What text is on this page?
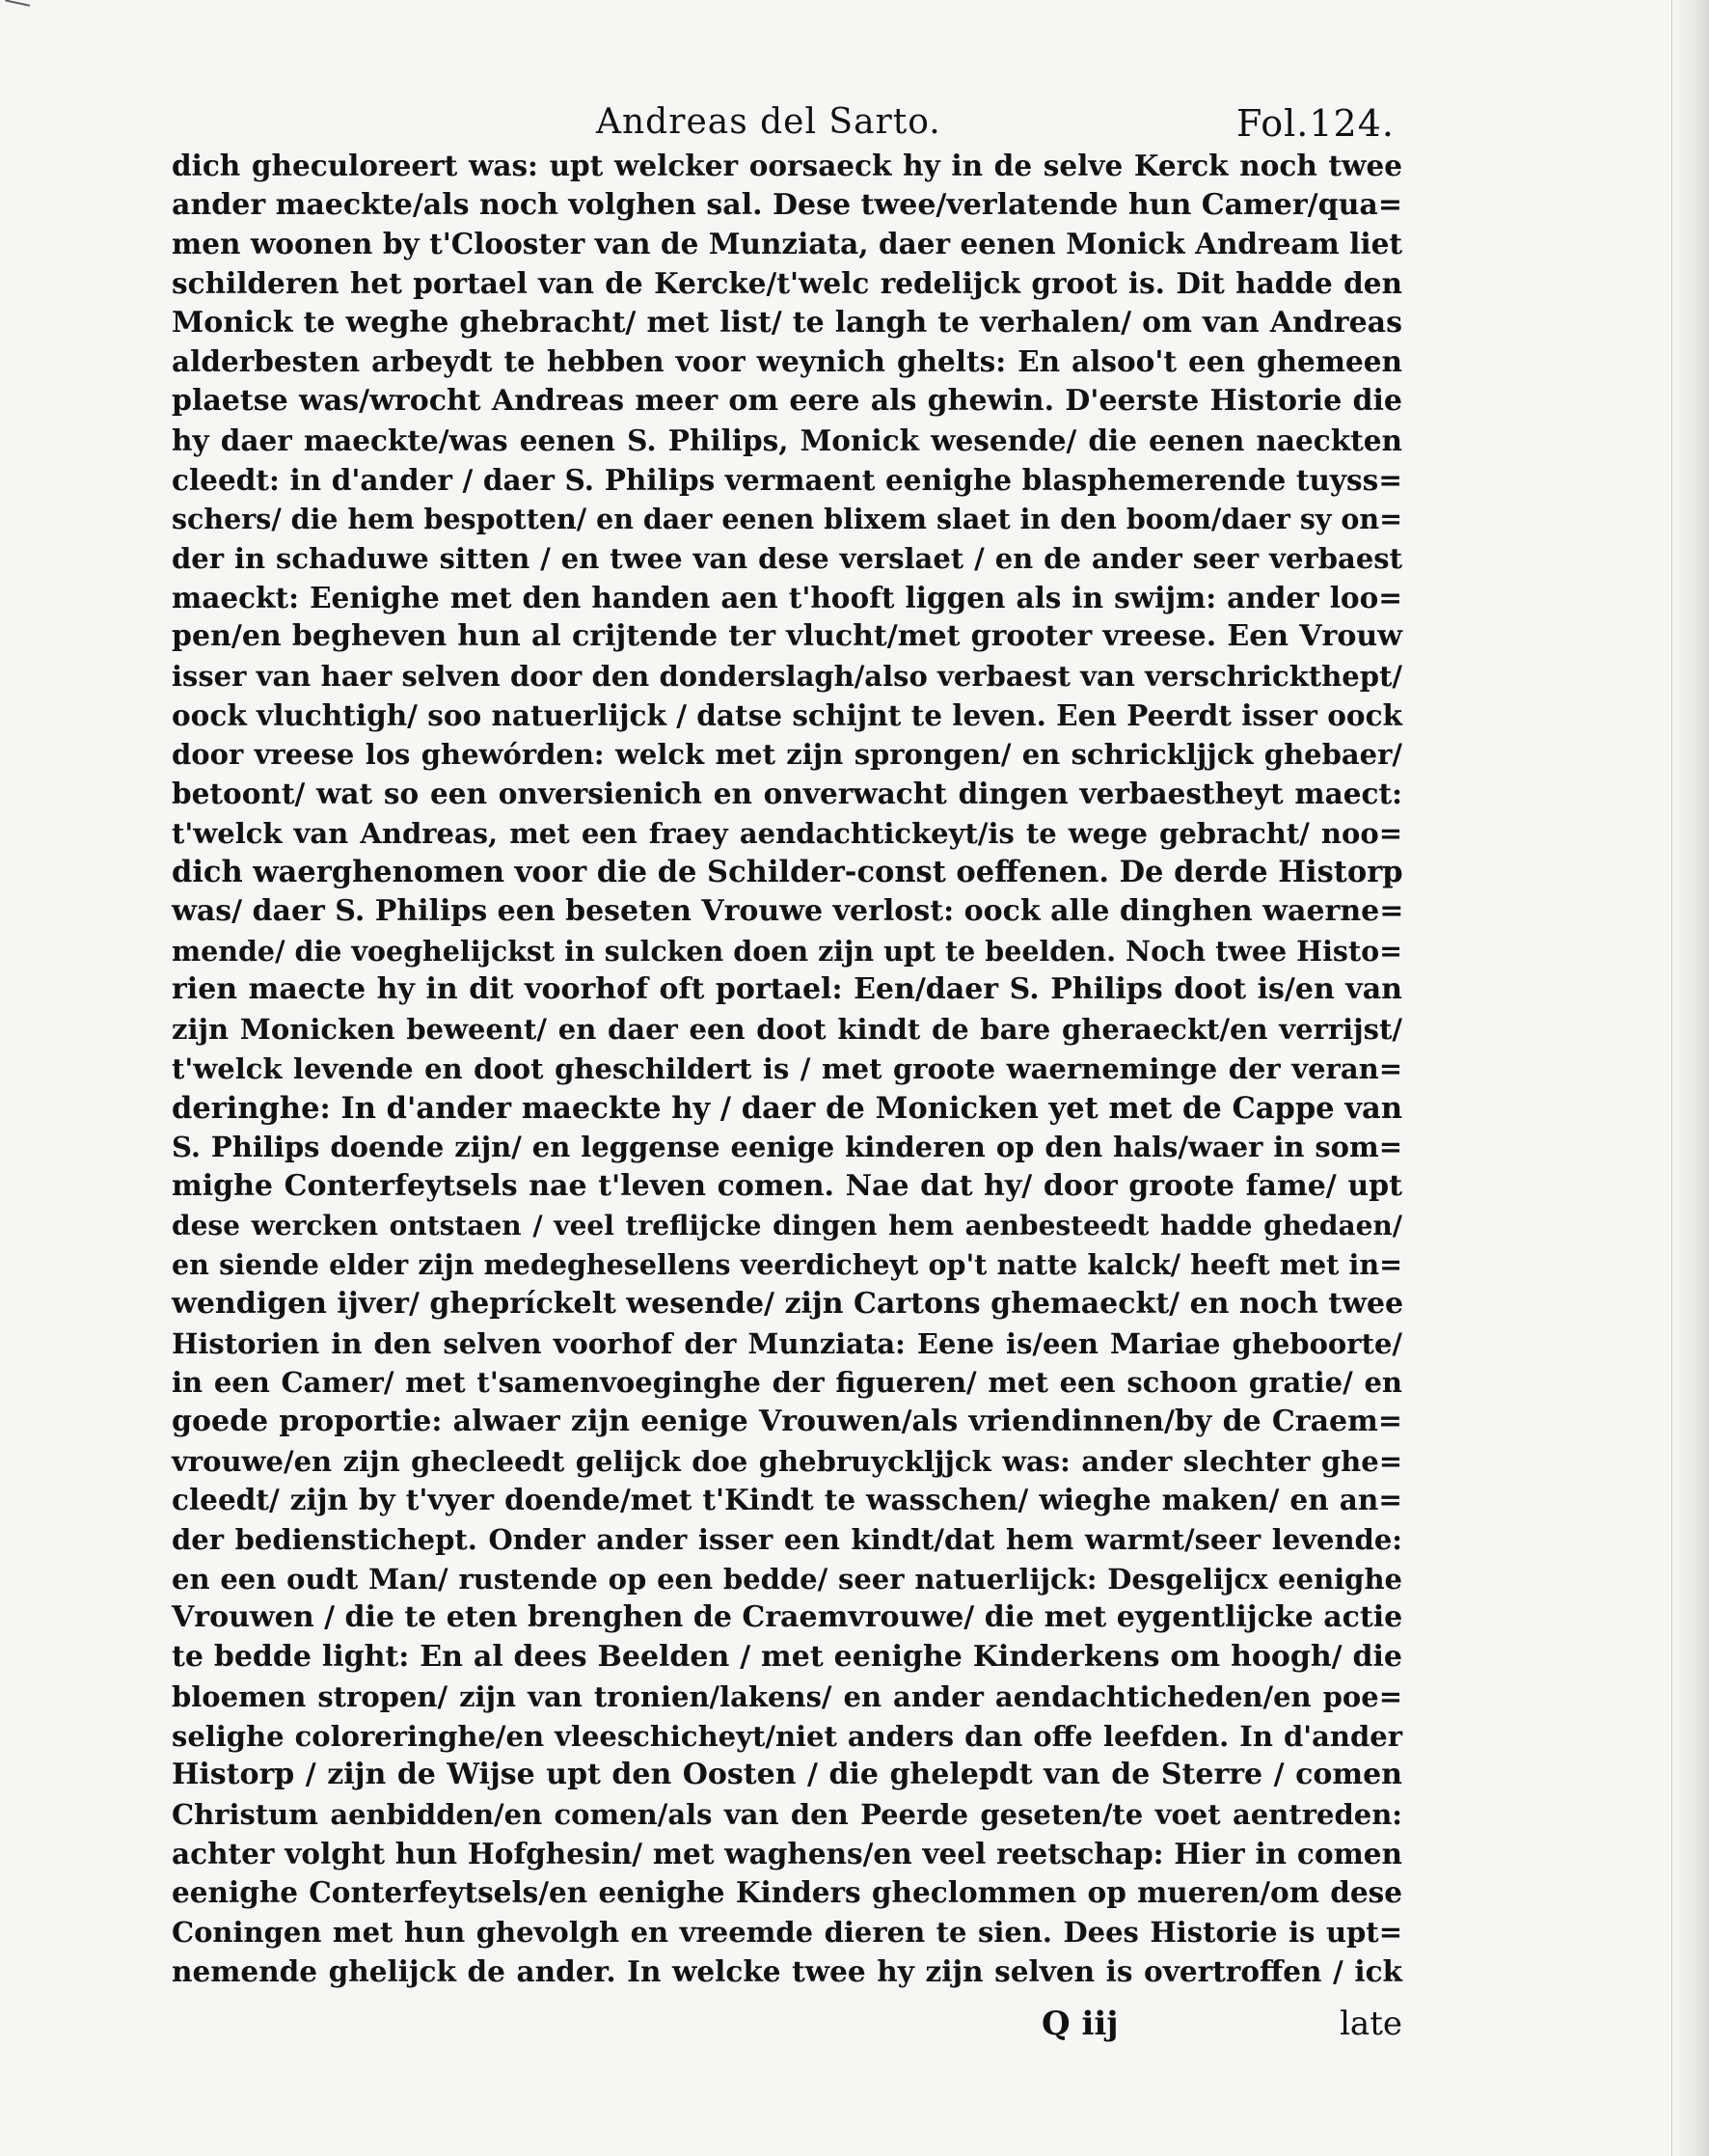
Andreas del Sarto.	Fol.124.
dich gheculoreert was: upt welcker oorsaeck hy in de selve Kerck noch twee
ander maeckte/als noch volghen sal. Dese twee/verlatende hun Camer/qua=
men woonen by t'Clooster van de Munziata, daer eenen Monick Andream liet
schilderen het portael van de Kercke/t'welc redelijck groot is. Dit hadde den
Monick te weghe ghebracht/ met list/ te langh te verhalen/ om van Andreas
alderbesten arbeydt te hebben voor weynich ghelts: En alsoo't een ghemeen
plaetse was/wrocht Andreas meer om eere als ghewin. D'eerste Historie die
hy daer maeckte/was eenen S. Philips, Monick wesende/ die eenen naeckten
cleedt: in d'ander / daer S. Philips vermaent eenighe blasphemerende tuyss=
schers/ die hem bespotten/ en daer eenen blixem slaet in den boom/daer sy on=
der in schaduwe sitten / en twee van dese verslaet / en de ander seer verbaest
maeckt: Eenighe met den handen aen t'hooft liggen als in swijm: ander loo=
pen/en begheven hun al crijtende ter vlucht/met grooter vreese. Een Vrouw
isser van haer selven door den donderslagh/also verbaest van verschrickthept/
oock vluchtigh/ soo natuerlijck / datse schijnt te leven. Een Peerdt isser oock
door vreese los ghewórden: welck met zijn sprongen/ en schrickljjck ghebaer/
betoont/ wat so een onversienich en onverwacht dingen verbaestheyt maect:
t'welck van Andreas, met een fraey aendachtickeyt/is te wege gebracht/ noo=
dich waerghenomen voor die de Schilder-const oeffenen. De derde Historp
was/ daer S. Philips een beseten Vrouwe verlost: oock alle dinghen waerne=
mende/ die voeghelijckst in sulcken doen zijn upt te beelden. Noch twee Histo=
rien maecte hy in dit voorhof oft portael: Een/daer S. Philips doot is/en van
zijn Monicken beweent/ en daer een doot kindt de bare gheraeckt/en verrijst/
t'welck levende en doot gheschildert is / met groote waerneminge der veran=
deringhe: In d'ander maeckte hy / daer de Monicken yet met de Cappe van
S. Philips doende zijn/ en leggense eenige kinderen op den hals/waer in som=
mighe Conterfeytsels nae t'leven comen. Nae dat hy/ door groote fame/ upt
dese wercken ontstaen / veel treflijcke dingen hem aenbesteedt hadde ghedaen/
en siende elder zijn medeghesellens veerdicheyt op't natte kalck/ heeft met in=
wendigen ijver/ ghepríckelt wesende/ zijn Cartons ghemaeckt/ en noch twee
Historien in den selven voorhof der Munziata: Eene is/een Mariae gheboorte/
in een Camer/ met t'samenvoeginghe der figueren/ met een schoon gratie/ en
goede proportie: alwaer zijn eenige Vrouwen/als vriendinnen/by de Craem=
vrouwe/en zijn ghecleedt gelijck doe ghebruyckljjck was: ander slechter ghe=
cleedt/ zijn by t'vyer doende/met t'Kindt te wasschen/ wieghe maken/ en an=
der bedienstichept. Onder ander isser een kindt/dat hem warmt/seer levende:
en een oudt Man/ rustende op een bedde/ seer natuerlijck: Desgelijcx eenighe
Vrouwen / die te eten brenghen de Craemvrouwe/ die met eygentlijcke actie
te bedde light: En al dees Beelden / met eenighe Kinderkens om hoogh/ die
bloemen stropen/ zijn van tronien/lakens/ en ander aendachticheden/en poe=
selighe coloreringhe/en vleeschicheyt/niet anders dan offe leefden. In d'ander
Historp / zijn de Wijse upt den Oosten / die ghelepdt van de Sterre / comen
Christum aenbidden/en comen/als van den Peerde geseten/te voet aentreden:
achter volght hun Hofghesin/ met waghens/en veel reetschap: Hier in comen
eenighe Conterfeytsels/en eenighe Kinders gheclommen op mueren/om dese
Coningen met hun ghevolgh en vreemde dieren te sien. Dees Historie is upt=
nemende ghelijck de ander. In welcke twee hy zijn selven is overtroffen / ick
Q iij	late
